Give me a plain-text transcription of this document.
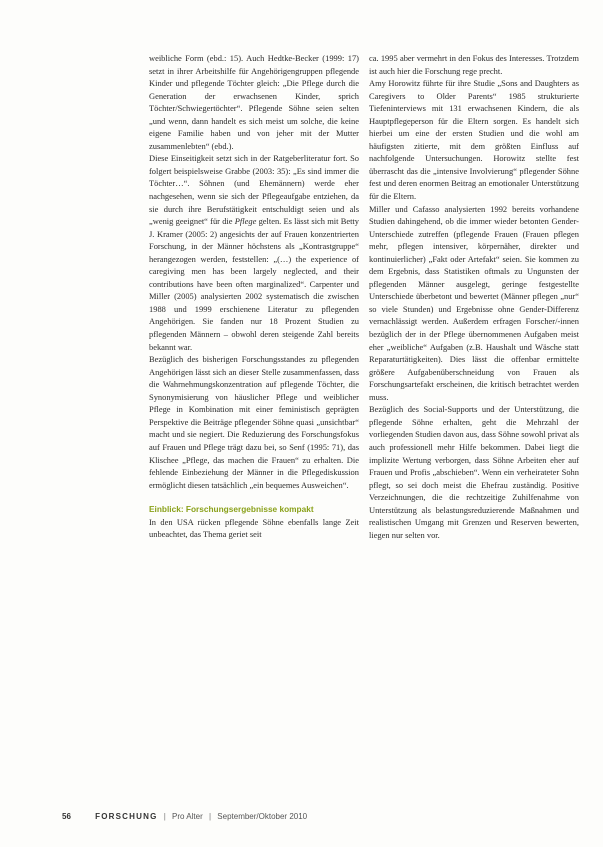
weibliche Form (ebd.: 15). Auch Hedtke-Becker (1999: 17) setzt in ihrer Arbeitshilfe für Angehörigengruppen pflegende Kinder und pflegende Töchter gleich: „Die Pflege durch die Generation der erwachsenen Kinder, sprich Töchter/Schwiegertöchter“. Pflegende Söhne seien selten „und wenn, dann handelt es sich meist um solche, die keine eigene Familie haben und von jeher mit der Mutter zusammenlebten“ (ebd.).

Diese Einseitigkeit setzt sich in der Ratgeberliteratur fort. So folgert beispielsweise Grabbe (2003: 35): „Es sind immer die Töchter…“. Söhnen (und Ehemännern) werde eher nachgesehen, wenn sie sich der Pflegeaufgabe entziehen, da sie durch ihre Berufstätigkeit entschuldigt seien und als „wenig geeignet“ für die Pflege gelten. Es lässt sich mit Betty J. Kramer (2005: 2) angesichts der auf Frauen konzentrierten Forschung, in der Männer höchstens als „Kontrastgruppe“ herangezogen werden, feststellen: „(…) the experience of caregiving men has been largely neglected, and their contributions have been often marginalized“. Carpenter und Miller (2005) analysierten 2002 systematisch die zwischen 1988 und 1999 erschienene Literatur zu pflegenden Angehörigen. Sie fanden nur 18 Prozent Studien zu pflegenden Männern – obwohl deren steigende Zahl bereits bekannt war.

Bezüglich des bisherigen Forschungsstandes zu pflegenden Angehörigen lässt sich an dieser Stelle zusammenfassen, dass die Wahrnehmungskonzentration auf pflegende Töchter, die Synonymisierung von häuslicher Pflege und weiblicher Pflege in Kombination mit einer feministisch geprägten Perspektive die Beiträge pflegender Söhne quasi „unsichtbar“ macht und sie negiert. Die Reduzierung des Forschungsfokus auf Frauen und Pflege trägt dazu bei, so Senf (1995: 71), das Klischee „Pflege, das machen die Frauen“ zu erhalten. Die fehlende Einbeziehung der Männer in die Pflegediskussion ermöglicht diesen tatsächlich „ein bequemes Ausweichen“.

Einblick: Forschungsergebnisse kompakt

In den USA rücken pflegende Söhne ebenfalls lange Zeit unbeachtet, das Thema geriet seit

ca. 1995 aber vermehrt in den Fokus des Interesses. Trotzdem ist auch hier die Forschung rege precht.

Amy Horowitz führte für ihre Studie „Sons and Daughters as Caregivers to Older Parents“ 1985 strukturierte Tiefeninterviews mit 131 erwachsenen Kindern, die als Hauptpflegeperson für die Eltern sorgen. Es handelt sich hierbei um eine der ersten Studien und die wohl am häufigsten zitierte, mit dem größten Einfluss auf nachfolgende Untersuchungen. Horowitz stellte fest überrascht das die „intensive Involvierung“ pflegender Söhne fest und deren enormen Beitrag an emotionaler Unterstützung für die Eltern.

Miller und Cafasso analysierten 1992 bereits vorhandene Studien dahingehend, ob die immer wieder betonten Gender-Unterschiede zutreffen (pflegende Frauen (Frauen pflegen mehr, pflegen intensiver, körpernäher, direkter und kontinuierlicher) „Fakt oder Artefakt“ seien. Sie kommen zu dem Ergebnis, dass Statistiken oftmals zu Ungunsten der pflegenden Männer ausgelegt, geringe festgestellte Unterschiede überbetont und bewertet (Männer pflegen „nur“ so viele Stunden) und Ergebnisse ohne Gender-Differenz vernachlässigt werden. Außerdem erfragen Forscher/-innen bezüglich der in der Pflege übernommenen Aufgaben meist eher „weibliche“ Aufgaben (z.B. Haushalt und Wäsche statt Reparaturtätigkeiten). Dies lässt die offenbar ermittelte größere Aufgabenüberschneidung von Frauen als Forschungsartefakt erscheinen, die kritisch betrachtet werden muss.

Bezüglich des Social-Supports und der Unterstützung, die pflegende Söhne erhalten, geht die Mehrzahl der vorliegenden Studien davon aus, dass Söhne sowohl privat als auch professionell mehr Hilfe bekommen. Dabei liegt die implizite Wertung verborgen, dass Söhne Arbeiten eher auf Frauen und Profis „abschieben“. Wenn ein verheirateter Sohn pflegt, so sei doch meist die Ehefrau zuständig. Positive Verzeichnungen, die die rechtzeitige Zuhilfenahme von Unterstützung als belastungsreduzierende Maßnahmen und realistischen Umgang mit Grenzen und Reserven bewerten, liegen nur selten vor.

56	FORSCHUNG | Pro Alter | September/Oktober 2010
